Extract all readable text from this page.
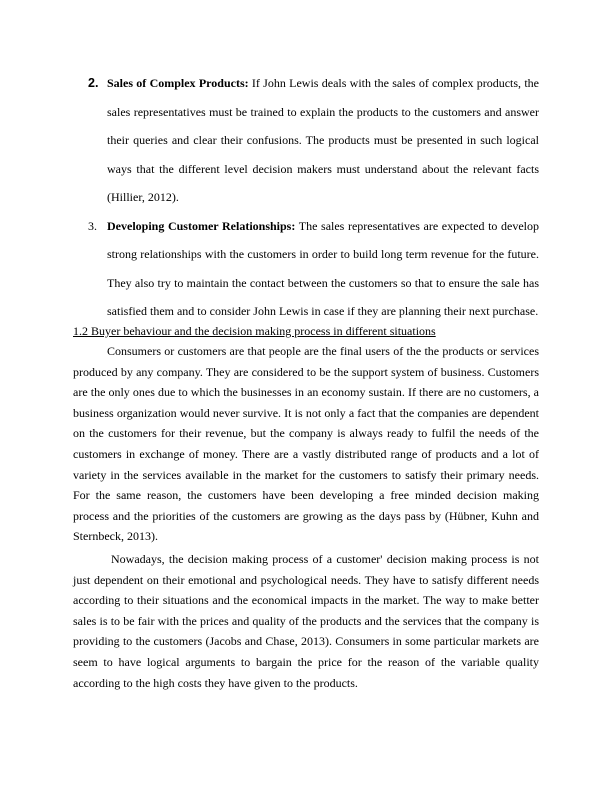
2. Sales of Complex Products: If John Lewis deals with the sales of complex products, the sales representatives must be trained to explain the products to the customers and answer their queries and clear their confusions. The products must be presented in such logical ways that the different level decision makers must understand about the relevant facts (Hillier, 2012).
3. Developing Customer Relationships: The sales representatives are expected to develop strong relationships with the customers in order to build long term revenue for the future. They also try to maintain the contact between the customers so that to ensure the sale has satisfied them and to consider John Lewis in case if they are planning their next purchase.

1.2 Buyer behaviour and the decision making process in different situations

Consumers or customers are that people are the final users of the the products or services produced by any company. They are considered to be the support system of business. Customers are the only ones due to which the businesses in an economy sustain. If there are no customers, a business organization would never survive. It is not only a fact that the companies are dependent on the customers for their revenue, but the company is always ready to fulfil the needs of the customers in exchange of money. There are a vastly distributed range of products and a lot of variety in the services available in the market for the customers to satisfy their primary needs. For the same reason, the customers have been developing a free minded decision making process and the priorities of the customers are growing as the days pass by (Hübner, Kuhn and Sternbeck, 2013).

Nowadays, the decision making process of a customer' decision making process is not just dependent on their emotional and psychological needs. They have to satisfy different needs according to their situations and the economical impacts in the market. The way to make better sales is to be fair with the prices and quality of the products and the services that the company is providing to the customers (Jacobs and Chase, 2013). Consumers in some particular markets are seem to have logical arguments to bargain the price for the reason of the variable quality according to the high costs they have given to the products.
